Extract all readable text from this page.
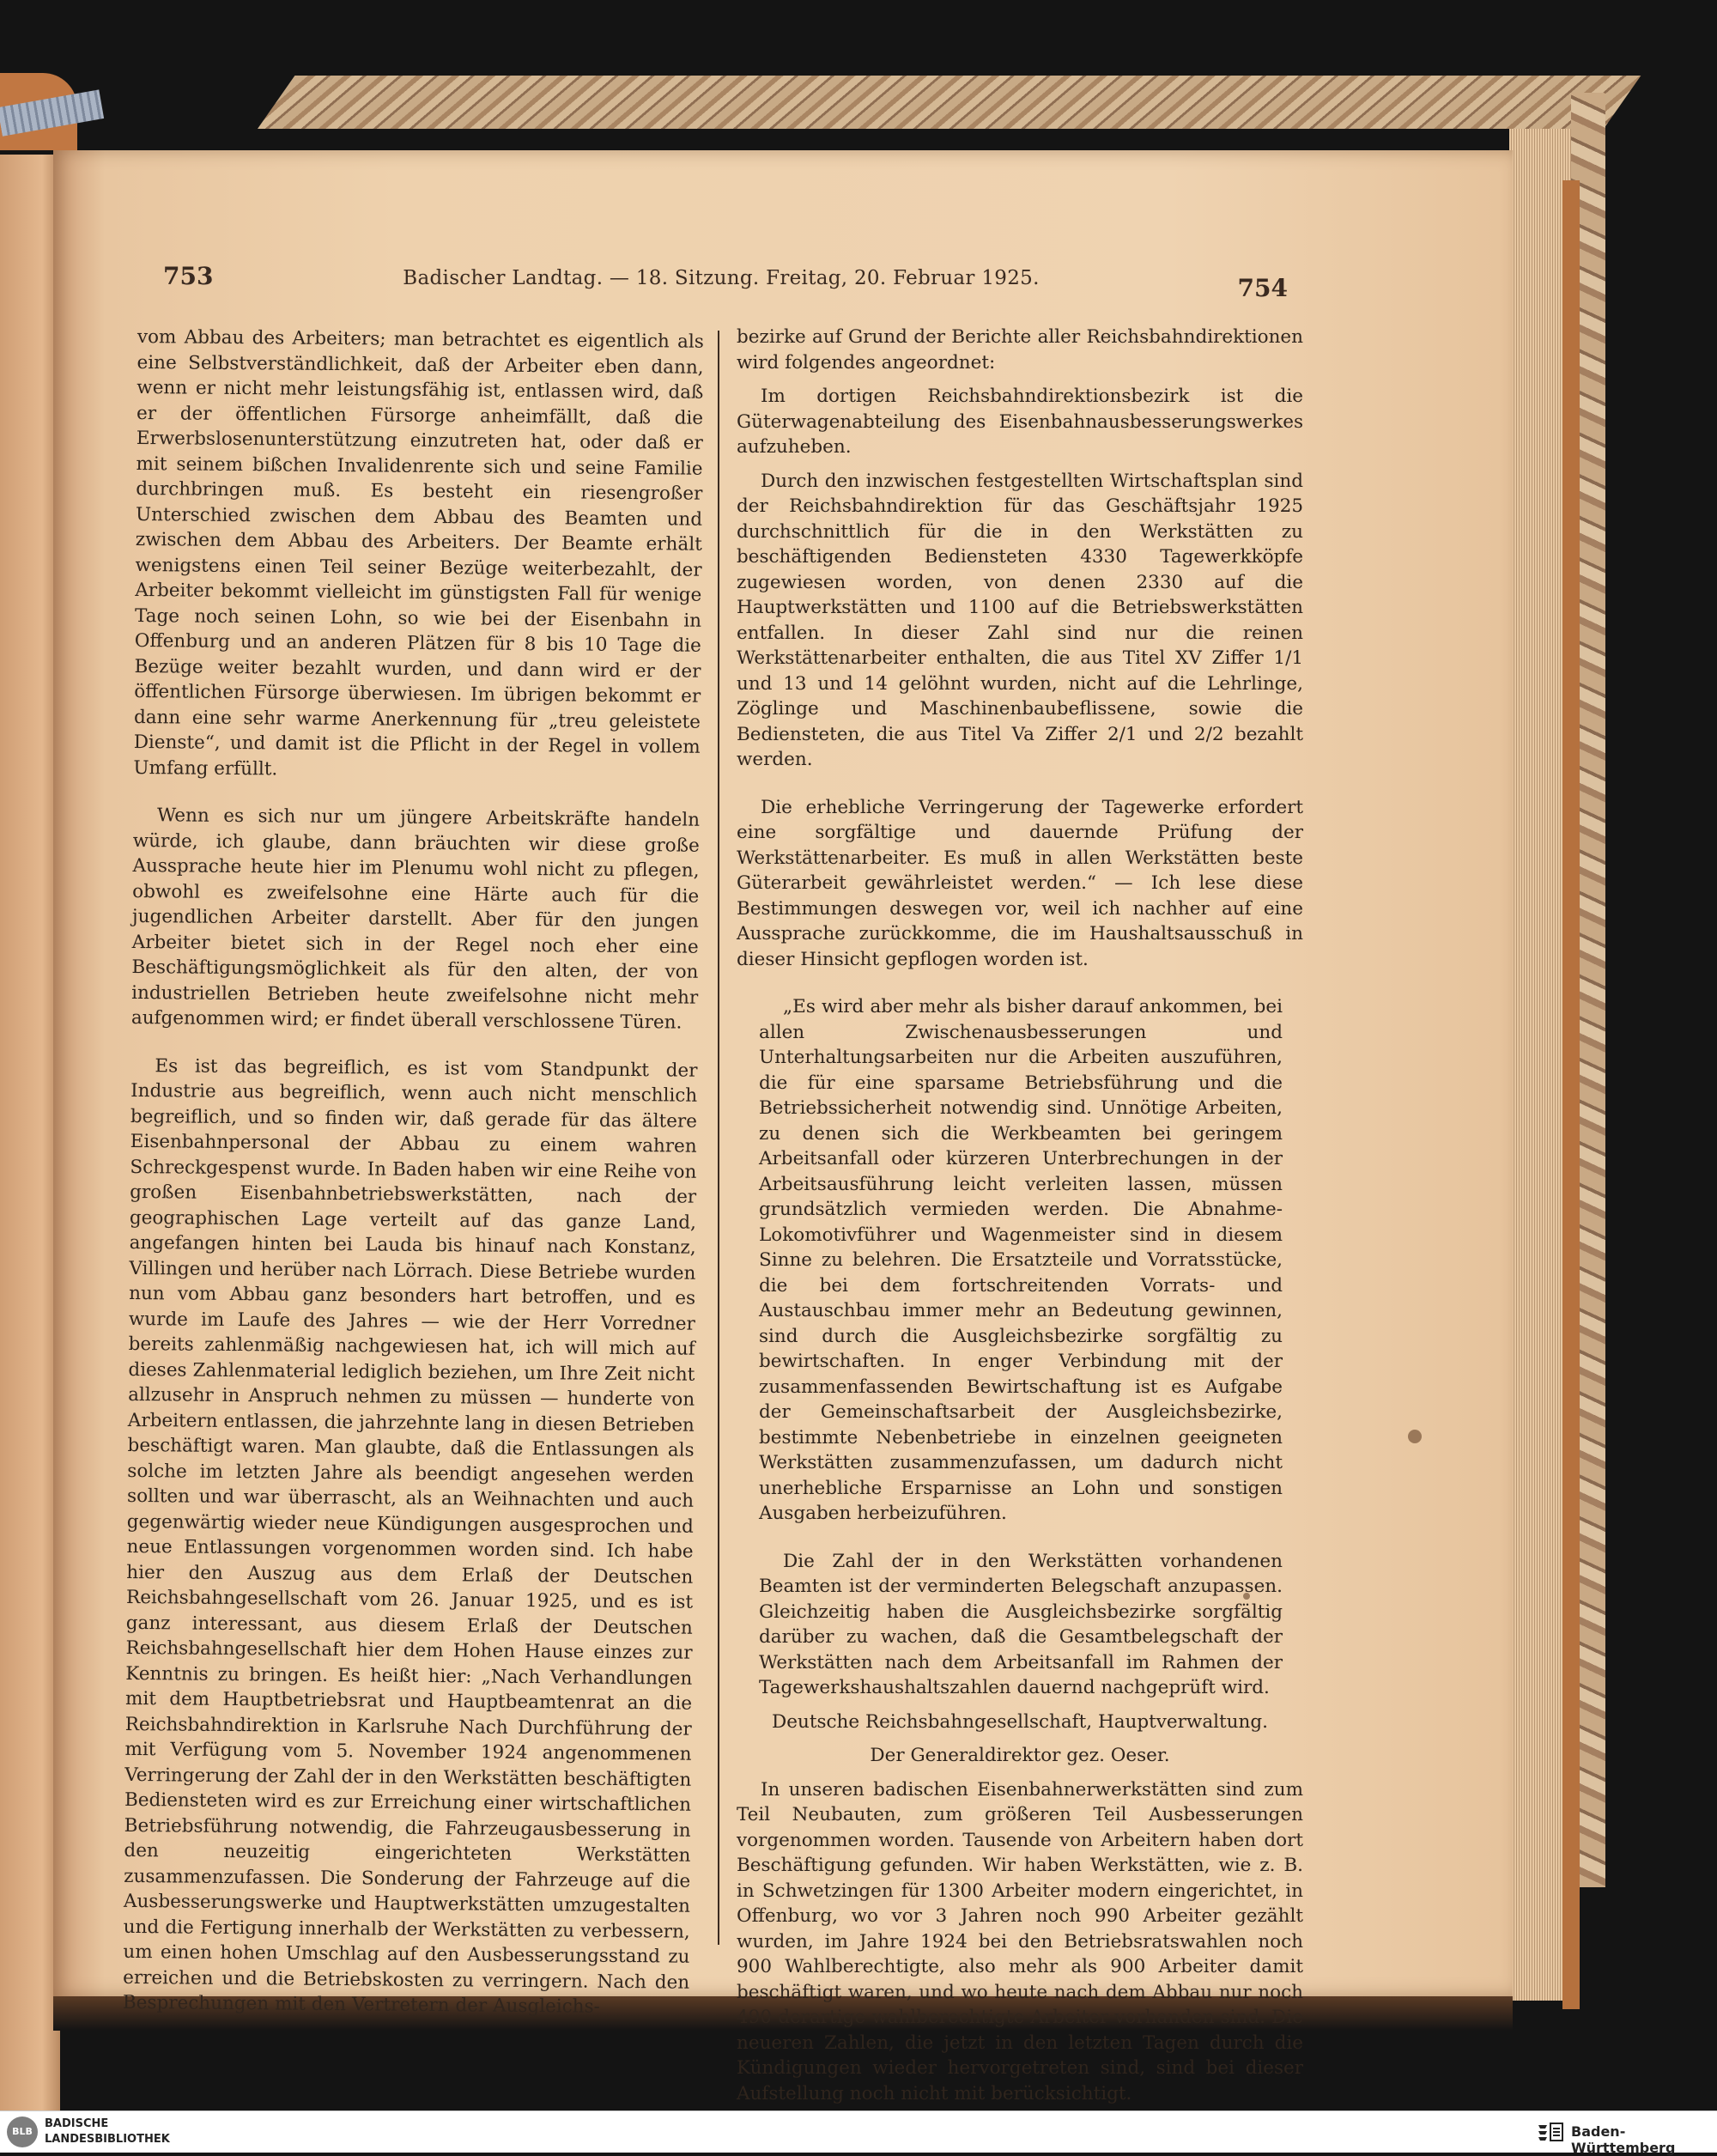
753	Badischer Landtag. — 18. Sitzung. Freitag, 20. Februar 1925.	754

vom Abbau des Arbeiters; man betrachtet es eigentlich als eine Selbstverständlichkeit, daß der Arbeiter eben dann, wenn er nicht mehr leistungsfähig ist, entlassen wird, daß er der öffentlichen Fürsorge anheimfällt, daß die Erwerbslosenunterstützung einzutreten hat, oder daß er mit seinem bißchen Invalidenrente sich und seine Familie durchbringen muß. Es besteht ein riesengroßer Unterschied zwischen dem Abbau des Beamten und zwischen dem Abbau des Arbeiters. Der Beamte erhält wenigstens einen Teil seiner Bezüge weiterbezahlt, der Arbeiter bekommt vielleicht im günstigsten Fall für wenige Tage noch seinen Lohn, so wie bei der Eisenbahn in Offenburg und an anderen Plätzen für 8 bis 10 Tage die Bezüge weiter bezahlt wurden, und dann wird er der öffentlichen Fürsorge überwiesen. Im übrigen bekommt er dann eine sehr warme Anerkennung für „treu geleistete Dienste“, und damit ist die Pflicht in der Regel in vollem Umfang erfüllt.

Wenn es sich nur um jüngere Arbeitskräfte handeln würde, ich glaube, dann bräuchten wir diese große Aussprache heute hier im Plenumu wohl nicht zu pflegen, obwohl es zweifelsohne eine Härte auch für die jugendlichen Arbeiter darstellt. Aber für den jungen Arbeiter bietet sich in der Regel noch eher eine Beschäftigungsmöglichkeit als für den alten, der von industriellen Betrieben heute zweifelsohne nicht mehr aufgenommen wird; er findet überall verschlossene Türen.

Es ist das begreiflich, es ist vom Standpunkt der Industrie aus begreiflich, wenn auch nicht menschlich begreiflich, und so finden wir, daß gerade für das ältere Eisenbahnpersonal der Abbau zu einem wahren Schreckgespenst wurde. In Baden haben wir eine Reihe von großen Eisenbahnbetriebswerkstätten, nach der geographischen Lage verteilt auf das ganze Land, angefangen hinten bei Lauda bis hinauf nach Konstanz, Villingen und herüber nach Lörrach. Diese Betriebe wurden nun vom Abbau ganz besonders hart betroffen, und es wurde im Laufe des Jahres — wie der Herr Vorredner bereits zahlenmäßig nachgewiesen hat, ich will mich auf dieses Zahlenmaterial lediglich beziehen, um Ihre Zeit nicht allzusehr in Anspruch nehmen zu müssen — hunderte von Arbeitern entlassen, die jahrzehnte lang in diesen Betrieben beschäftigt waren. Man glaubte, daß die Entlassungen als solche im letzten Jahre als beendigt angesehen werden sollten und war überrascht, als an Weihnachten und auch gegenwärtig wieder neue Kündigungen ausgesprochen und neue Entlassungen vorgenommen worden sind. Ich habe hier den Auszug aus dem Erlaß der Deutschen Reichsbahngesellschaft vom 26. Januar 1925, und es ist ganz interessant, aus diesem Erlaß der Deutschen Reichsbahngesellschaft hier dem Hohen Hause einzes zur Kenntnis zu bringen. Es heißt hier: „Nach Verhandlungen mit dem Hauptbetriebsrat und Hauptbeamtenrat an die Reichsbahndirektion in Karlsruhe Nach Durchführung der mit Verfügung vom 5. November 1924 angenommenen Verringerung der Zahl der in den Werkstätten beschäftigten Bediensteten wird es zur Erreichung einer wirtschaftlichen Betriebsführung notwendig, die Fahrzeugausbesserung in den neuzeitig eingerichteten Werkstätten zusammenzufassen. Die Sonderung der Fahrzeuge auf die Ausbesserungswerke und Hauptwerkstätten umzugestalten und die Fertigung innerhalb der Werkstätten zu verbessern, um einen hohen Umschlag auf den Ausbesserungsstand zu erreichen und die Betriebskosten zu verringern. Nach den Besprechungen mit den Vertretern der Ausgleichs-

bezirke auf Grund der Berichte aller Reichsbahndirektionen wird folgendes angeordnet:

Im dortigen Reichsbahndirektionsbezirk ist die Güterwagenabteilung des Eisenbahnausbesserungswerkes aufzuheben.

Durch den inzwischen festgestellten Wirtschaftsplan sind der Reichsbahndirektion für das Geschäftsjahr 1925 durchschnittlich für die in den Werkstätten zu beschäftigenden Bediensteten 4330 Tagewerkköpfe zugewiesen worden, von denen 2330 auf die Hauptwerkstätten und 1100 auf die Betriebswerkstätten entfallen. In dieser Zahl sind nur die reinen Werkstättenarbeiter enthalten, die aus Titel XV Ziffer 1/1 und 13 und 14 gelöhnt wurden, nicht auf die Lehrlinge, Zöglinge und Maschinenbaubeflissene, sowie die Bediensteten, die aus Titel Va Ziffer 2/1 und 2/2 bezahlt werden.

Die erhebliche Verringerung der Tagewerke erfordert eine sorgfältige und dauernde Prüfung der Werkstättenarbeiter. Es muß in allen Werkstätten beste Güterarbeit gewährleistet werden.“ — Ich lese diese Bestimmungen deswegen vor, weil ich nachher auf eine Aussprache zurückkomme, die im Haushaltsausschuß in dieser Hinsicht gepflogen worden ist.

„Es wird aber mehr als bisher darauf ankommen, bei allen Zwischenausbesserungen und Unterhaltungsarbeiten nur die Arbeiten auszuführen, die für eine sparsame Betriebsführung und die Betriebssicherheit notwendig sind. Unnötige Arbeiten, zu denen sich die Werkbeamten bei geringem Arbeitsanfall oder kürzeren Unterbrechungen in der Arbeitsausführung leicht verleiten lassen, müssen grundsätzlich vermieden werden. Die Abnahme-Lokomotivführer und Wagenmeister sind in diesem Sinne zu belehren. Die Ersatzteile und Vorratsstücke, die bei dem fortschreitenden Vorrats- und Austauschbau immer mehr an Bedeutung gewinnen, sind durch die Ausgleichsbezirke sorgfältig zu bewirtschaften. In enger Verbindung mit der zusammenfassenden Bewirtschaftung ist es Aufgabe der Gemeinschaftsarbeit der Ausgleichsbezirke, bestimmte Nebenbetriebe in einzelnen geeigneten Werkstätten zusammenzufassen, um dadurch nicht unerhebliche Ersparnisse an Lohn und sonstigen Ausgaben herbeizuführen.

Die Zahl der in den Werkstätten vorhandenen Beamten ist der verminderten Belegschaft anzupassen. Gleichzeitig haben die Ausgleichsbezirke sorgfältig darüber zu wachen, daß die Gesamtbelegschaft der Werkstätten nach dem Arbeitsanfall im Rahmen der Tagewerkshaushaltszahlen dauernd nachgeprüft wird.

Deutsche Reichsbahngesellschaft, Hauptverwaltung.

Der Generaldirektor gez. Oeser.

In unseren badischen Eisenbahnerwerkstätten sind zum Teil Neubauten, zum größeren Teil Ausbesserungen vorgenommen worden. Tausende von Arbeitern haben dort Beschäftigung gefunden. Wir haben Werkstätten, wie z. B. in Schwetzingen für 1300 Arbeiter modern eingerichtet, in Offenburg, wo vor 3 Jahren noch 990 Arbeiter gezählt wurden, im Jahre 1924 bei den Betriebsratswahlen noch 900 Wahlberechtigte, also mehr als 900 Arbeiter damit beschäftigt waren, und wo heute nach dem Abbau nur noch 490 derartige wahlberechtigte Arbeiter vorhanden sind. Die neueren Zahlen, die jetzt in den letzten Tagen durch die Kündigungen wieder hervorgetreten sind, sind bei dieser Aufstellung noch nicht mit berücksichtigt.

BLB
BADISCHE
LANDESBIBLIOTHEK	Baden-Württemberg
